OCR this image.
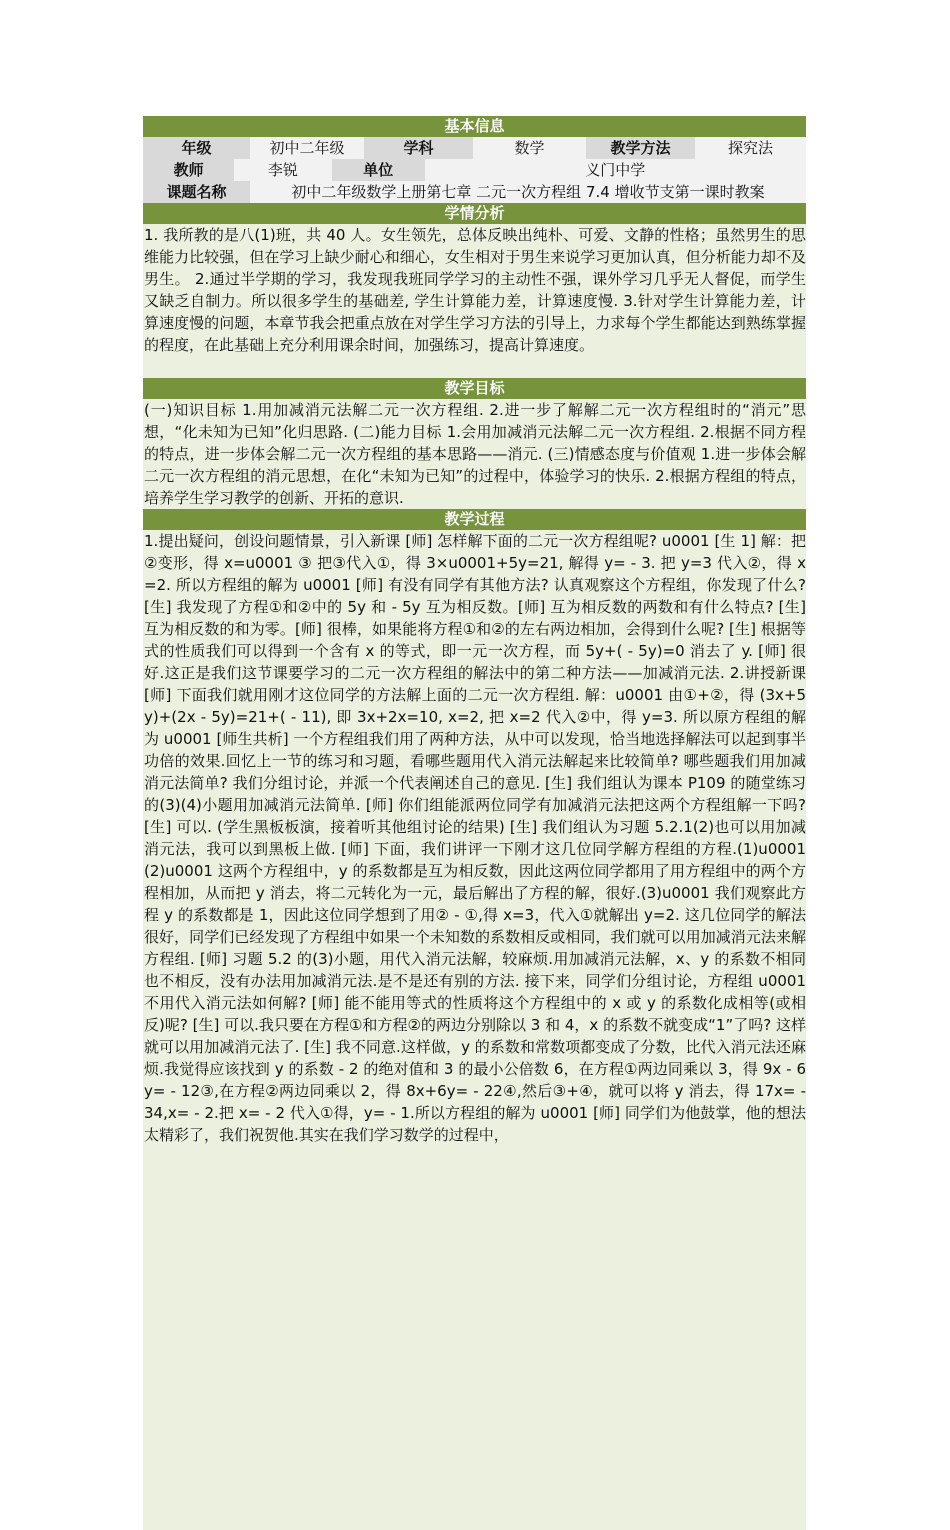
基本信息
年级	初中二年级	学科	数学	教学方法	探究法
教师	李锐	单位	义门中学
课题名称	初中二年级数学上册第七章 二元一次方程组 7.4 增收节支第一课时教案
学情分析
1. 我所教的是八(1)班，共 40 人。女生领先，总体反映出纯朴、可爱、文静的性格；虽然男生的思维能力比较强，但在学习上缺少耐心和细心，女生相对于男生来说学习更加认真，但分析能力却不及男生。 2.通过半学期的学习，我发现我班同学学习的主动性不强，课外学习几乎无人督促，而学生又缺乏自制力。所以很多学生的基础差, 学生计算能力差，计算速度慢. 3.针对学生计算能力差，计算速度慢的问题，本章节我会把重点放在对学生学习方法的引导上，力求每个学生都能达到熟练掌握的程度，在此基础上充分利用课余时间，加强练习，提高计算速度。
教学目标
(一)知识目标 1.用加减消元法解二元一次方程组. 2.进一步了解解二元一次方程组时的“消元”思想，“化未知为已知”化归思路. (二)能力目标 1.会用加减消元法解二元一次方程组. 2.根据不同方程的特点，进一步体会解二元一次方程组的基本思路——消元. (三)情感态度与价值观 1.进一步体会解二元一次方程组的消元思想，在化“未知为已知”的过程中，体验学习的快乐. 2.根据方程组的特点，培养学生学习教学的创新、开拓的意识.
教学过程
1.提出疑问，创设问题情景，引入新课 [师] 怎样解下面的二元一次方程组呢? u0001 [生 1] 解：把②变形，得 x=u0001 ③ 把③代入①，得 3×u0001+5y=21, 解得 y= - 3. 把 y=3 代入②，得 x=2. 所以方程组的解为 u0001 [师] 有没有同学有其他方法? 认真观察这个方程组，你发现了什么? [生] 我发现了方程①和②中的 5y 和 - 5y 互为相反数。[师] 互为相反数的两数和有什么特点? [生] 互为相反数的和为零。[师] 很棒，如果能将方程①和②的左右两边相加，会得到什么呢? [生] 根据等式的性质我们可以得到一个含有 x 的等式，即一元一次方程，而 5y+( - 5y)=0 消去了 y. [师] 很好.这正是我们这节课要学习的二元一次方程组的解法中的第二种方法——加减消元法. 2.讲授新课 [师] 下面我们就用刚才这位同学的方法解上面的二元一次方程组. 解：u0001 由①+②，得 (3x+5y)+(2x - 5y)=21+( - 11), 即 3x+2x=10, x=2, 把 x=2 代入②中，得 y=3. 所以原方程组的解为 u0001 [师生共析] 一个方程组我们用了两种方法，从中可以发现，恰当地选择解法可以起到事半功倍的效果.回忆上一节的练习和习题，看哪些题用代入消元法解起来比较简单? 哪些题我们用加减消元法简单? 我们分组讨论，并派一个代表阐述自己的意见. [生] 我们组认为课本 P109 的随堂练习的(3)(4)小题用加减消元法简单. [师] 你们组能派两位同学有加减消元法把这两个方程组解一下吗? [生] 可以. (学生黑板板演，接着听其他组讨论的结果) [生] 我们组认为习题 5.2.1(2)也可以用加减消元法，我可以到黑板上做. [师] 下面，我们讲评一下刚才这几位同学解方程组的方程.(1)u0001 (2)u0001 这两个方程组中，y 的系数都是互为相反数，因此这两位同学都用了用方程组中的两个方程相加，从而把 y 消去，将二元转化为一元，最后解出了方程的解，很好.(3)u0001 我们观察此方程 y 的系数都是 1，因此这位同学想到了用② - ①,得 x=3，代入①就解出 y=2. 这几位同学的解法很好，同学们已经发现了方程组中如果一个未知数的系数相反或相同，我们就可以用加减消元法来解方程组. [师] 习题 5.2 的(3)小题，用代入消元法解，较麻烦.用加减消元法解，x、y 的系数不相同也不相反，没有办法用加减消元法.是不是还有别的方法. 接下来，同学们分组讨论，方程组 u0001 不用代入消元法如何解? [师] 能不能用等式的性质将这个方程组中的 x 或 y 的系数化成相等(或相反)呢? [生] 可以.我只要在方程①和方程②的两边分别除以 3 和 4，x 的系数不就变成“1”了吗? 这样就可以用加减消元法了. [生] 我不同意.这样做，y 的系数和常数项都变成了分数，比代入消元法还麻烦.我觉得应该找到 y 的系数 - 2 的绝对值和 3 的最小公倍数 6，在方程①两边同乘以 3，得 9x - 6y= - 12③,在方程②两边同乘以 2，得 8x+6y= - 22④,然后③+④，就可以将 y 消去，得 17x= - 34,x= - 2.把 x= - 2 代入①得，y= - 1.所以方程组的解为 u0001 [师] 同学们为他鼓掌，他的想法太精彩了，我们祝贺他.其实在我们学习数学的过程中，
